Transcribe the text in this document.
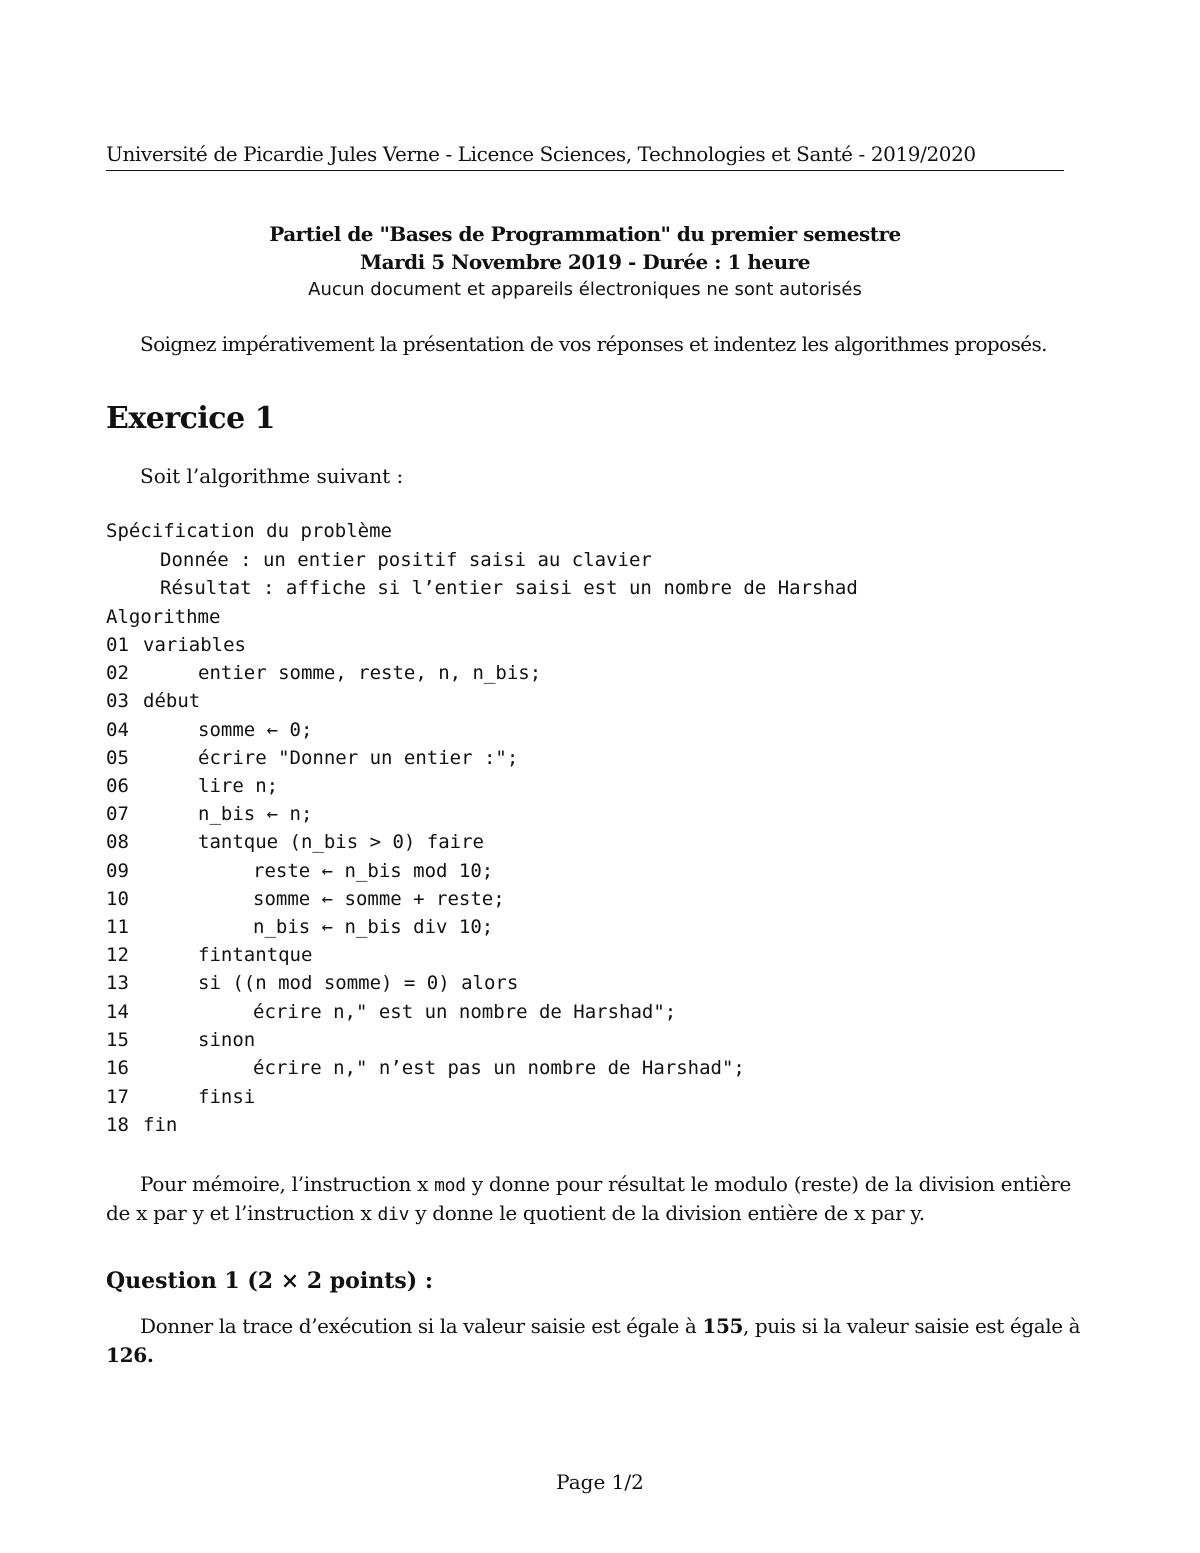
Université de Picardie Jules Verne - Licence Sciences, Technologies et Santé - 2019/2020
Partiel de "Bases de Programmation" du premier semestre
Mardi 5 Novembre 2019 - Durée : 1 heure
Aucun document et appareils électroniques ne sont autorisés
Soignez impérativement la présentation de vos réponses et indentez les algorithmes proposés.
Exercice 1
Soit l’algorithme suivant :
Spécification du problème
Donnée : un entier positif saisi au clavier
Résultat : affiche si l’entier saisi est un nombre de Harshad
Algorithme
01 variables
02	entier somme, reste, n, n_bis;
03 début
04	somme ← 0;
05	écrire "Donner un entier :";
06	lire n;
07	n_bis ← n;
08	tantque (n_bis > 0) faire
09	reste ← n_bis mod 10;
10	somme ← somme + reste;
11	n_bis ← n_bis div 10;
12	fintantque
13	si ((n mod somme) = 0) alors
14	écrire n," est un nombre de Harshad";
15	sinon
16	écrire n," n’est pas un nombre de Harshad";
17	finsi
18 fin
Pour mémoire, l’instruction x mod y donne pour résultat le modulo (reste) de la division entière
de x par y et l’instruction x div y donne le quotient de la division entière de x par y.
Question 1 (2 × 2 points) :
Donner la trace d’exécution si la valeur saisie est égale à 155, puis si la valeur saisie est égale à
126.
Page 1/2
